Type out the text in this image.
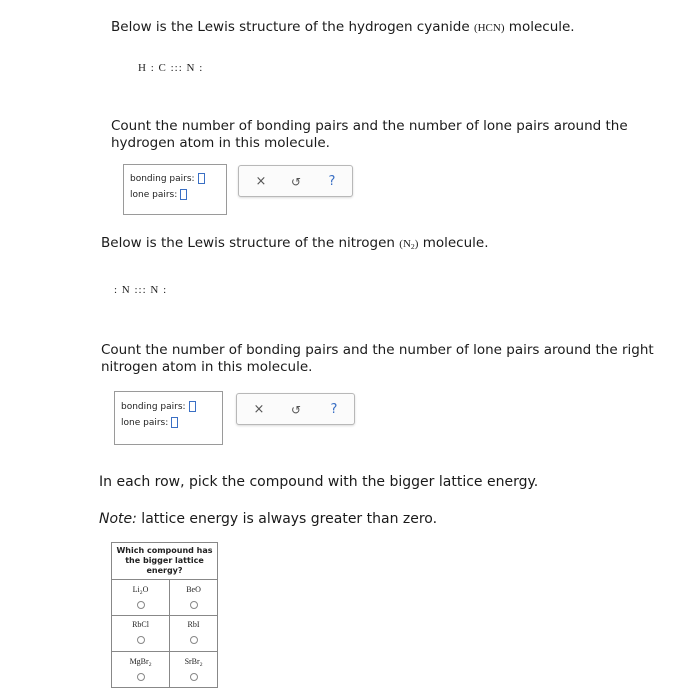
Below is the Lewis structure of the hydrogen cyanide (HCN) molecule.
H : C ::: N :
Count the number of bonding pairs and the number of lone pairs around the hydrogen atom in this molecule.
bonding pairs:
lone pairs:
×	↺	?
Below is the Lewis structure of the nitrogen $(N_2)$ molecule.
: N ::: N :
Count the number of bonding pairs and the number of lone pairs around the right nitrogen atom in this molecule.
bonding pairs:
lone pairs:
×	↺	?
In each row, pick the compound with the bigger lattice energy.
Note: lattice energy is always greater than zero.
Which compound has the bigger lattice energy?	
$Li_2O$	BeO

RbCl	RbI

MgBr$_2$	SrBr$_2$
